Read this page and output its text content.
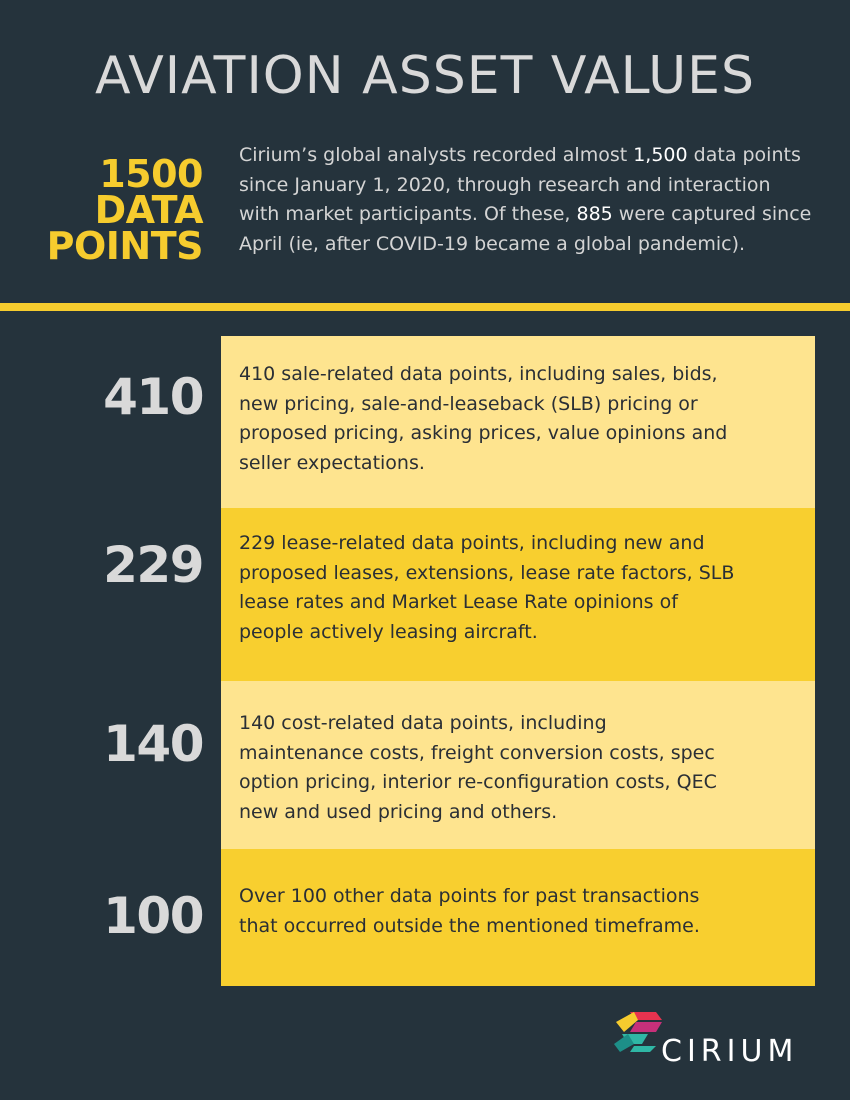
AVIATION ASSET VALUES
1500
DATA
POINTS
Cirium’s global analysts recorded almost 1,500 data points since January 1, 2020, through research and interaction with market participants. Of these, 885 were captured since April (ie, after COVID-19 became a global pandemic).
410 410 sale-related data points, including sales, bids,
new pricing, sale-and-leaseback (SLB) pricing or
proposed pricing, asking prices, value opinions and
seller expectations.
229 229 lease-related data points, including new and
proposed leases, extensions, lease rate factors, SLB
lease rates and Market Lease Rate opinions of
people actively leasing aircraft.
140 140 cost-related data points, including
maintenance costs, freight conversion costs, spec
option pricing, interior re-configuration costs, QEC
new and used pricing and others.
100 Over 100 other data points for past transactions
that occurred outside the mentioned timeframe.
CIRIUM
